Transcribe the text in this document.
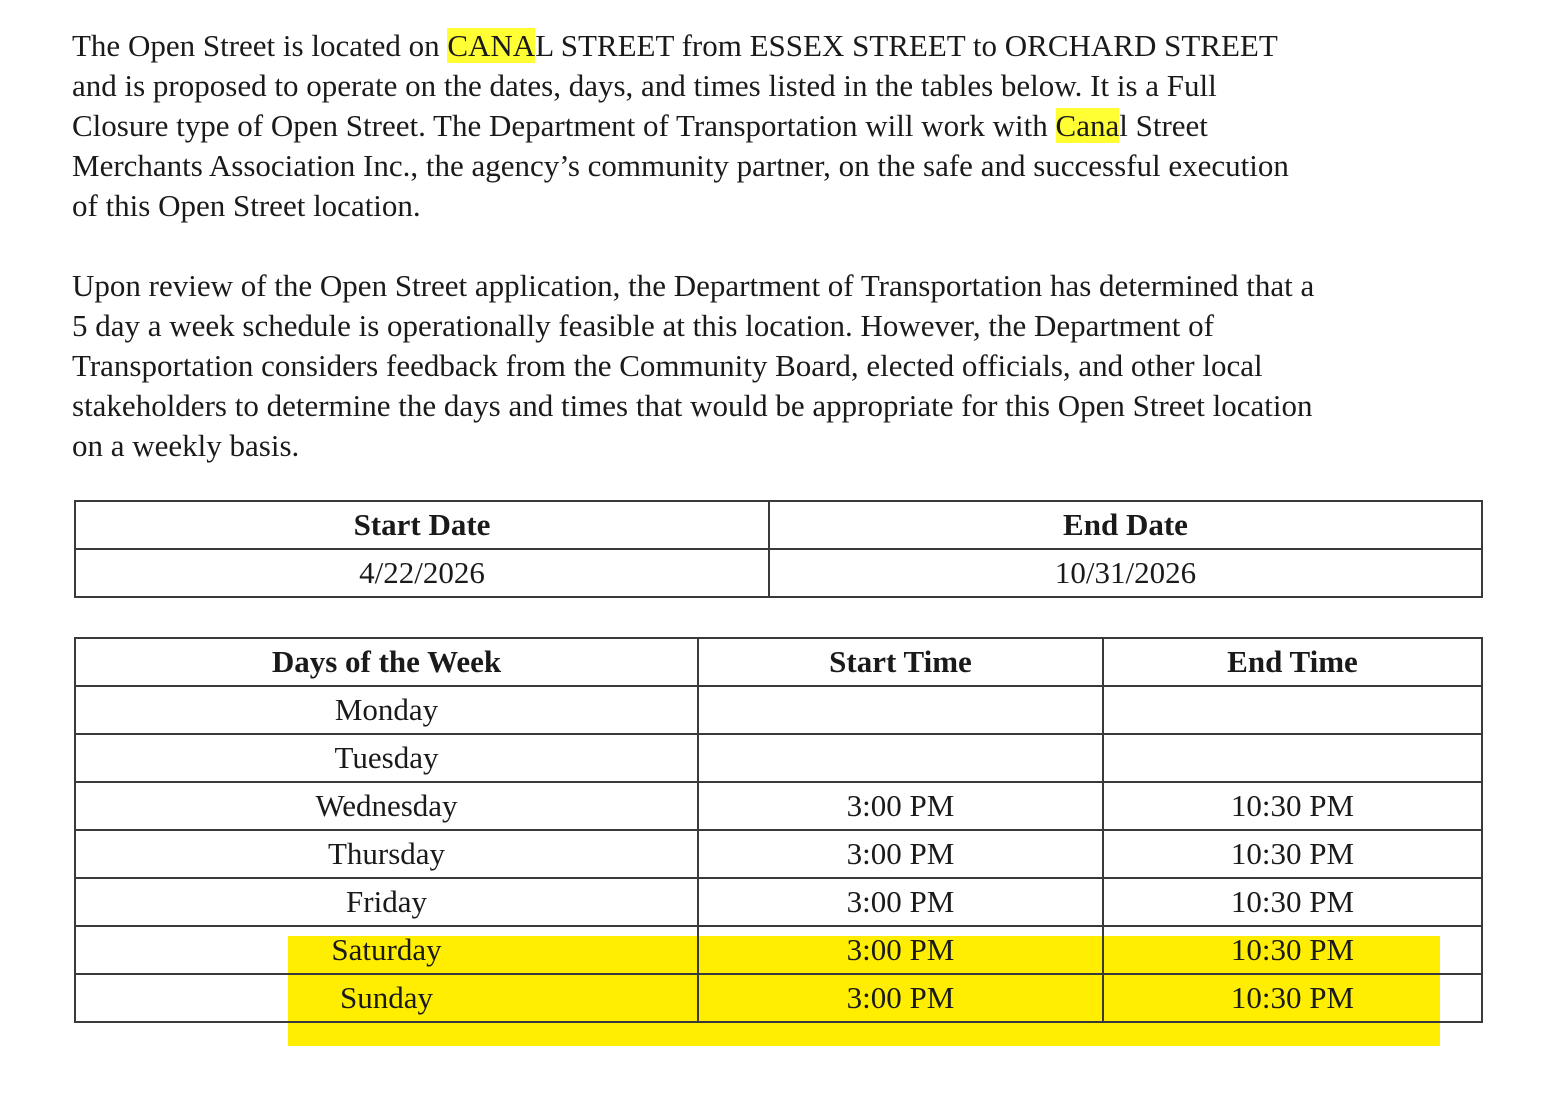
The Open Street is located on CANAL STREET from ESSEX STREET to ORCHARD STREET
and is proposed to operate on the dates, days, and times listed in the tables below. It is a Full
Closure type of Open Street. The Department of Transportation will work with Canal Street
Merchants Association Inc., the agency’s community partner, on the safe and successful execution
of this Open Street location.
Upon review of the Open Street application, the Department of Transportation has determined that a
5 day a week schedule is operationally feasible at this location. However, the Department of
Transportation considers feedback from the Community Board, elected officials, and other local
stakeholders to determine the days and times that would be appropriate for this Open Street location
on a weekly basis.
Start Date	End Date
4/22/2026	10/31/2026
Days of the Week	Start Time	End Time
Monday		
Tuesday		
Wednesday	3:00 PM	10:30 PM
Thursday	3:00 PM	10:30 PM
Friday	3:00 PM	10:30 PM
Saturday	3:00 PM	10:30 PM
Sunday	3:00 PM	10:30 PM
